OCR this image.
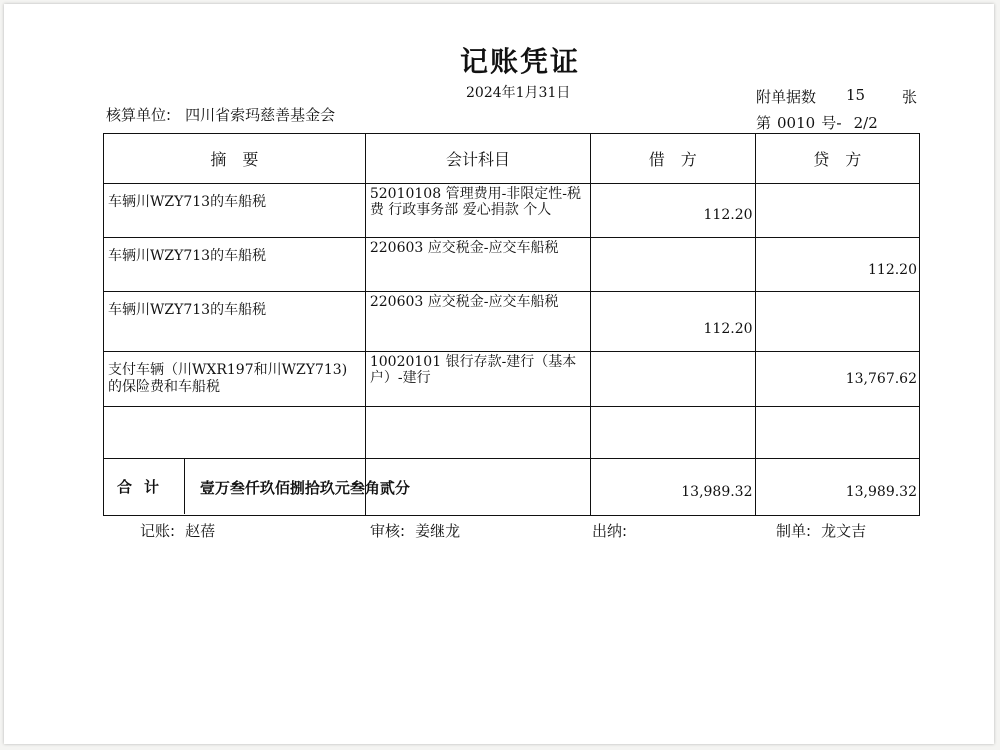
记账凭证
2024年1月31日
核算单位: 四川省索玛慈善基金会
附单据数 15 张
第 0010 号- 2/2
摘　要	会计科目	借　方	贷　方
车辆川WZY713的车船税	52010108 管理费用-非限定性-税费 行政事务部 爱心捐款 个人	112.20	
车辆川WZY713的车船税	220603 应交税金-应交车船税		112.20
车辆川WZY713的车船税	220603 应交税金-应交车船税	112.20	
支付车辆（川WXR197和川WZY713)的保险费和车船税	10020101 银行存款-建行（基本户）-建行		13,767.62

合计	壹万叁仟玖佰捌拾玖元叁角贰分	13,989.32	13,989.32
记账: 赵蓓	审核: 姜继龙	出纳:	制单: 龙文吉
